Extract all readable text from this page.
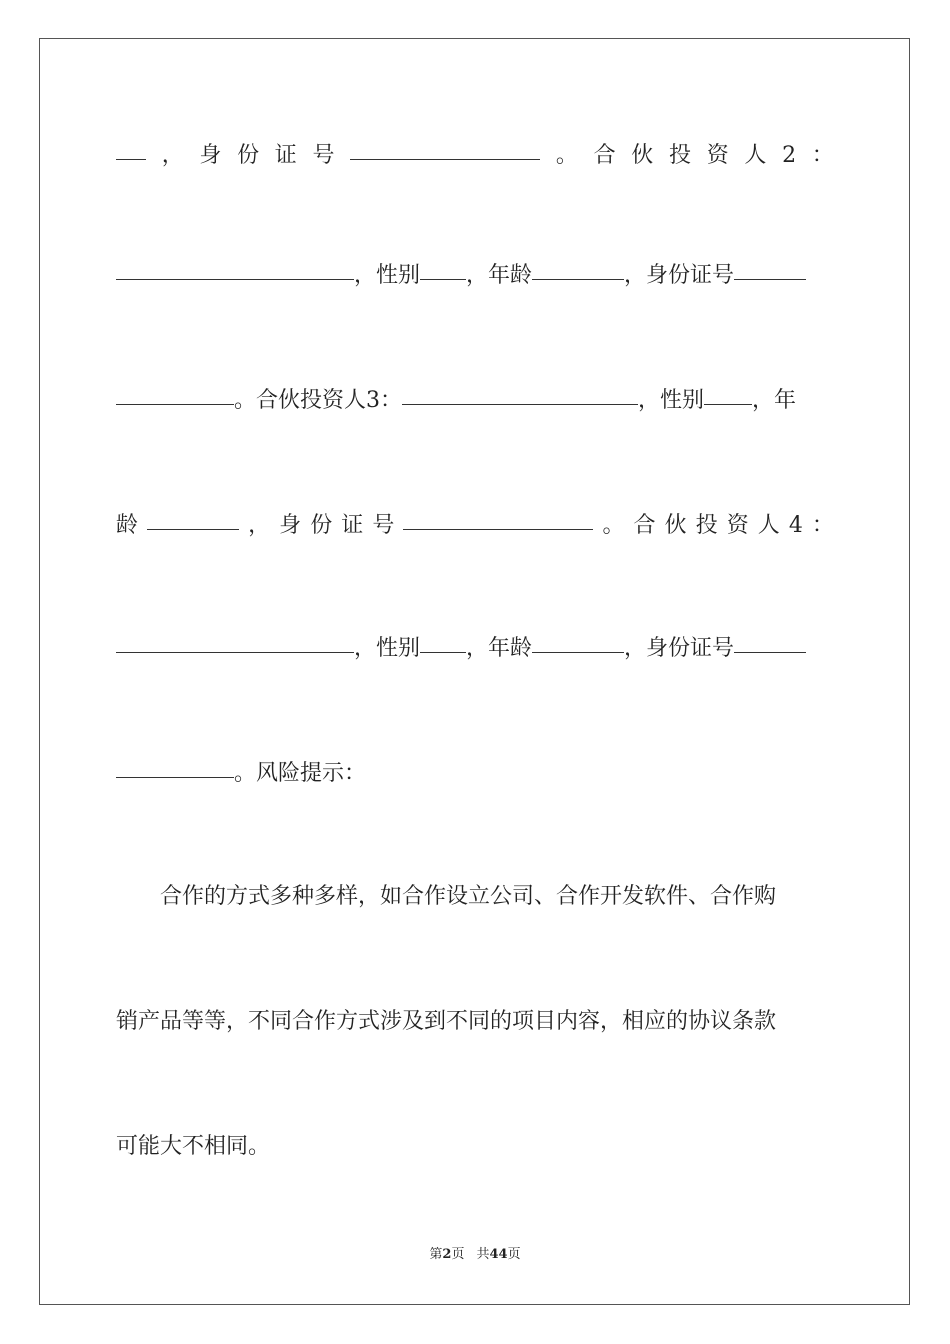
， 身 份 证 号	。 合 伙 投 资 人 2 ：
，性别 ，年龄	，身份证号
。合伙投资人3：	，性别 ，年
龄	， 身 份 证 号	。 合 伙 投 资 人 4 ：
，性别 ，年龄	，身份证号
。风险提示：
合作的方式多种多样，如合作设立公司、合作开发软件、合作购
销产品等等，不同合作方式涉及到不同的项目内容，相应的协议条款
可能大不相同。
第2页 共44页
